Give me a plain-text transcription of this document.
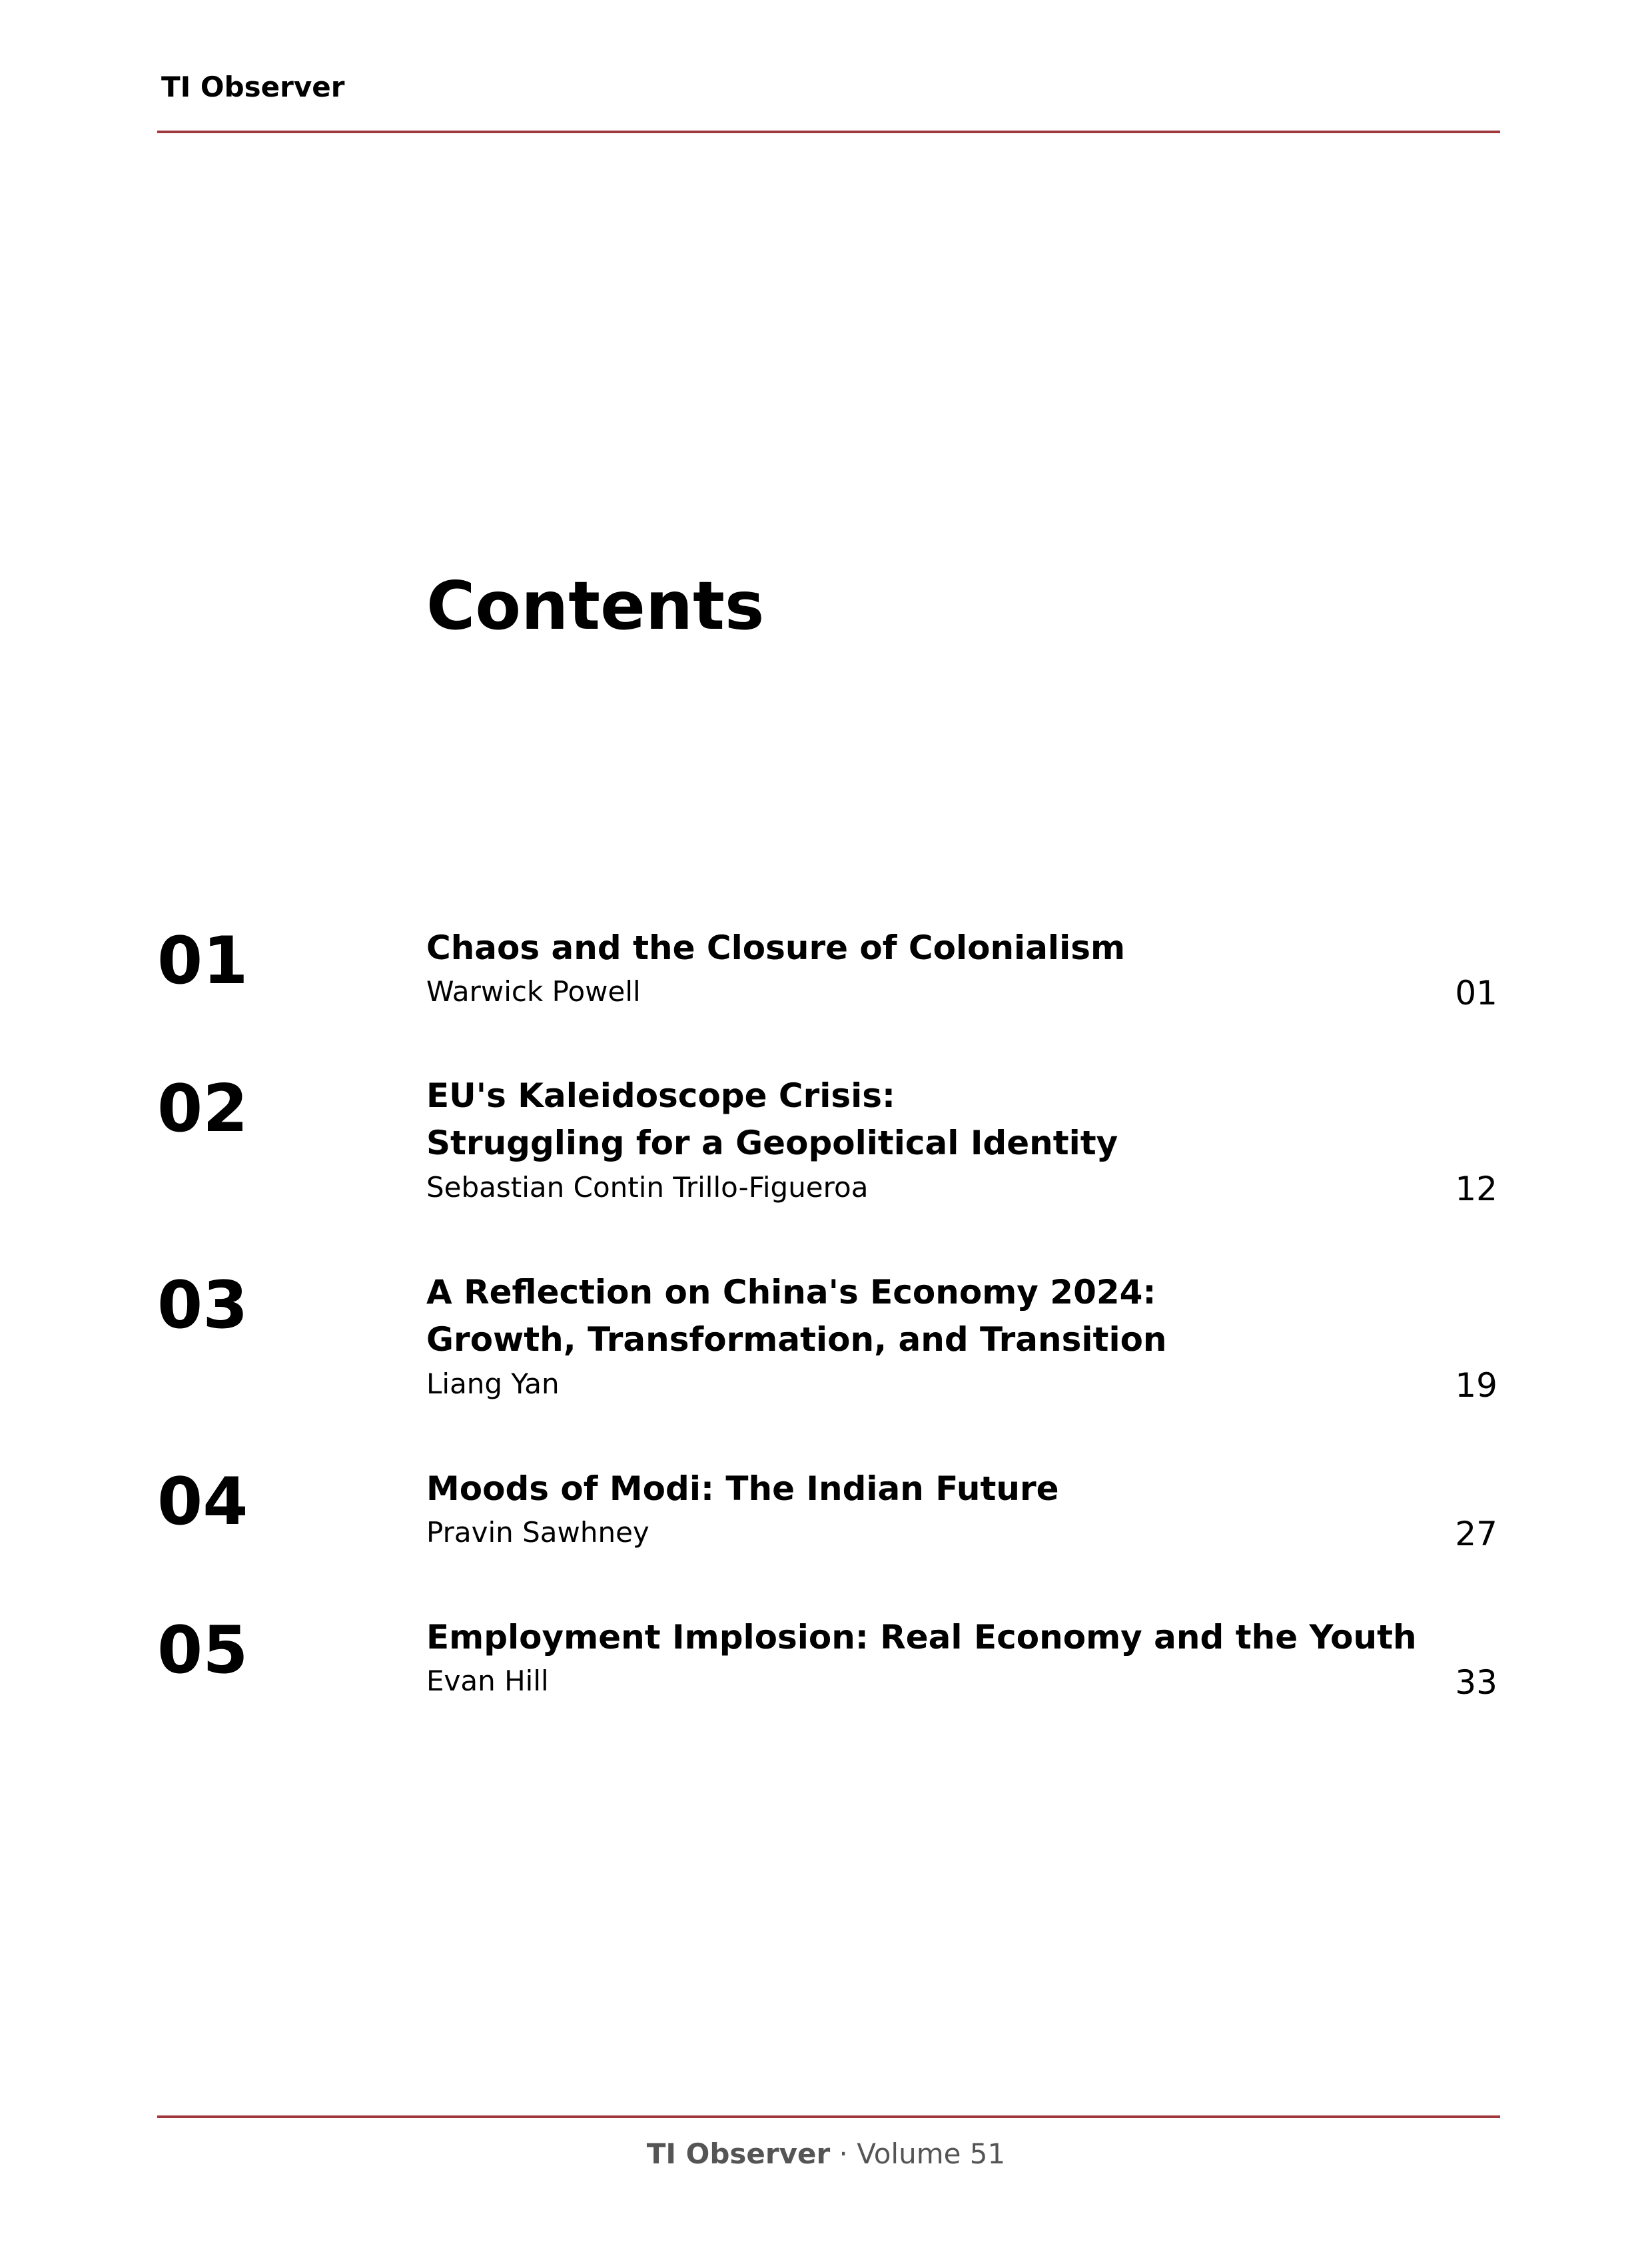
TI Observer
Contents
01	Chaos and the Closure of Colonialism
Warwick Powell	01
02	EU's Kaleidoscope Crisis:
Struggling for a Geopolitical Identity
Sebastian Contin Trillo-Figueroa	12
03	A Reflection on China's Economy 2024:
Growth, Transformation, and Transition
Liang Yan	19
04	Moods of Modi: The Indian Future
Pravin Sawhney	27
05	Employment Implosion: Real Economy and the Youth
Evan Hill	33
TI Observer · Volume 51
